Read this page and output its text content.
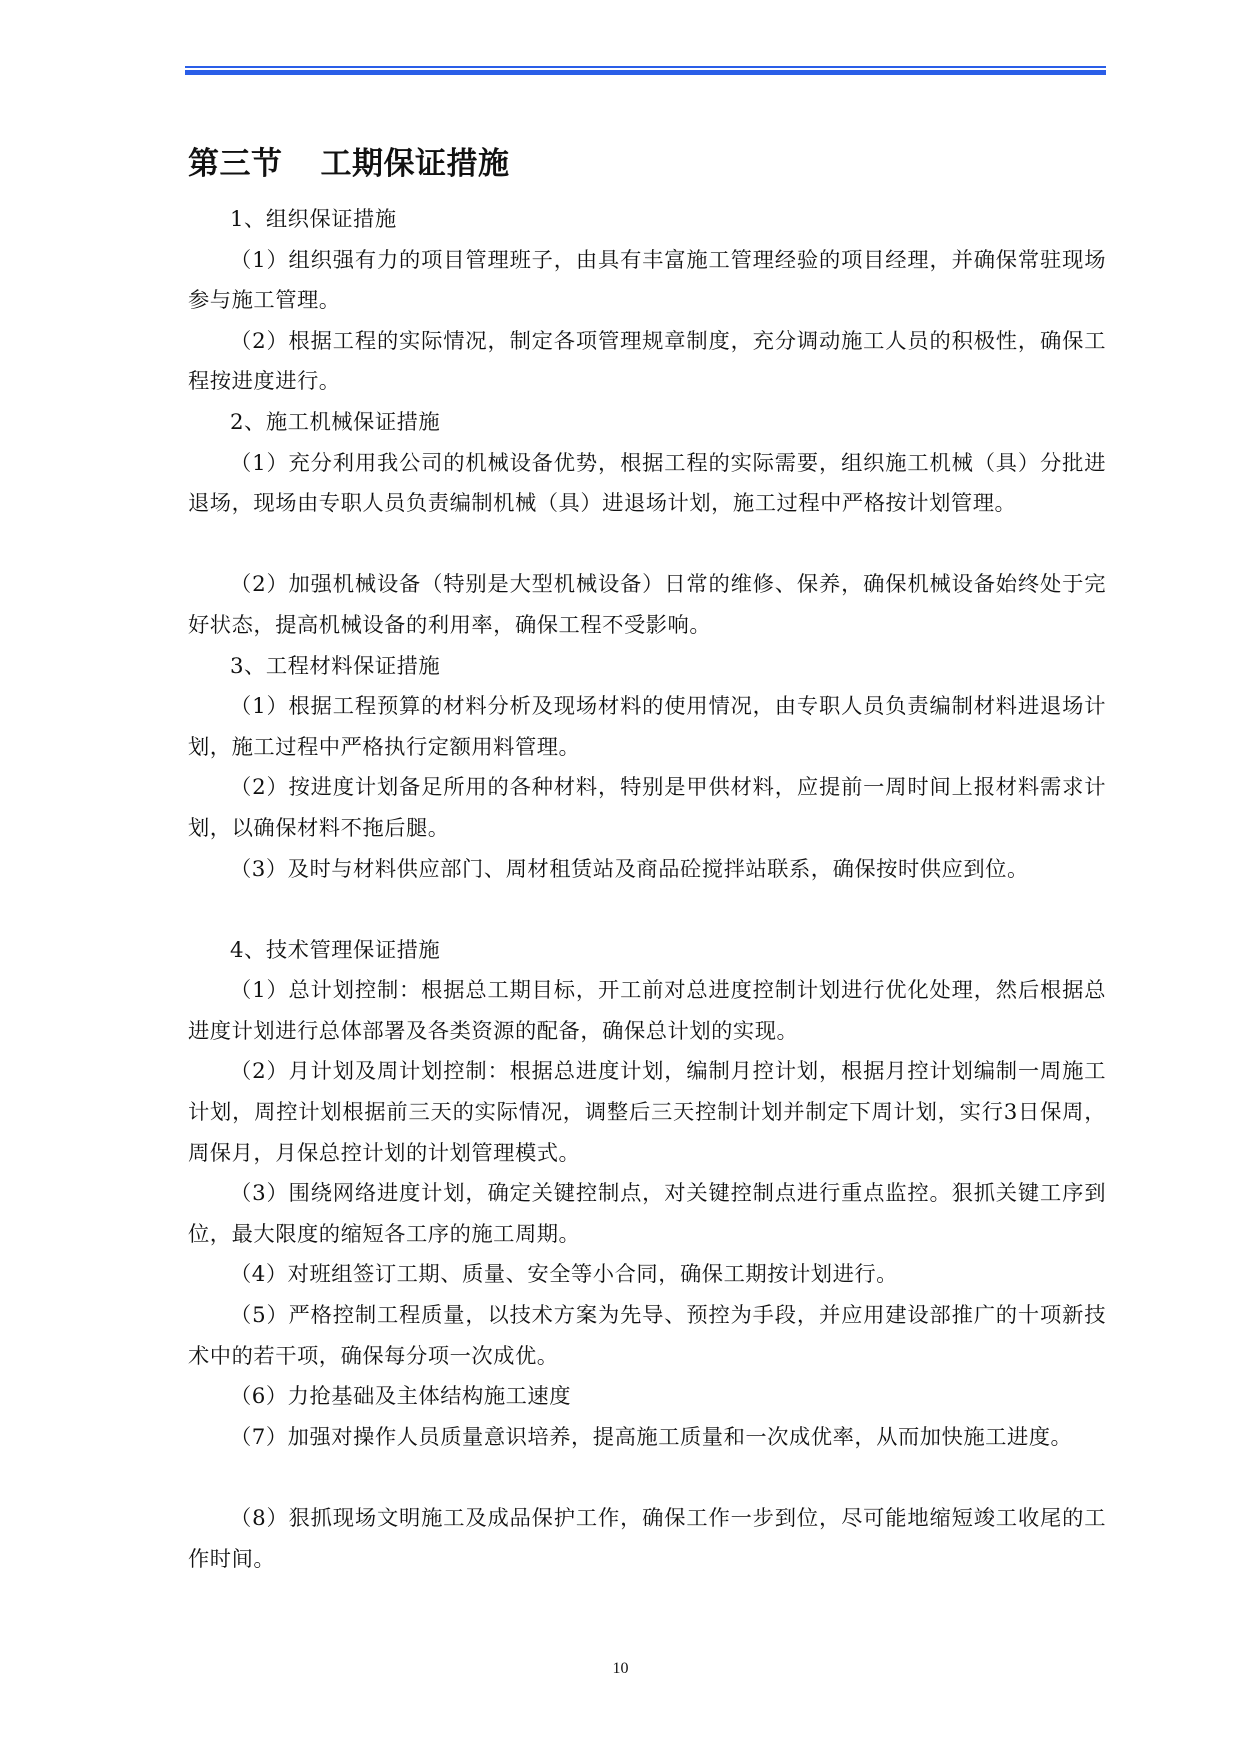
第三节 工期保证措施

1、组织保证措施

（1）组织强有力的项目管理班子，由具有丰富施工管理经验的项目经理，并确保常驻现场参与施工管理。

（2）根据工程的实际情况，制定各项管理规章制度，充分调动施工人员的积极性，确保工程按进度进行。

2、施工机械保证措施

（1）充分利用我公司的机械设备优势，根据工程的实际需要，组织施工机械（具）分批进退场，现场由专职人员负责编制机械（具）进退场计划，施工过程中严格按计划管理。

（2）加强机械设备（特别是大型机械设备）日常的维修、保养，确保机械设备始终处于完好状态，提高机械设备的利用率，确保工程不受影响。

3、工程材料保证措施

（1）根据工程预算的材料分析及现场材料的使用情况，由专职人员负责编制材料进退场计划，施工过程中严格执行定额用料管理。

（2）按进度计划备足所用的各种材料，特别是甲供材料，应提前一周时间上报材料需求计划，以确保材料不拖后腿。

（3）及时与材料供应部门、周材租赁站及商品砼搅拌站联系，确保按时供应到位。

4、技术管理保证措施

（1）总计划控制：根据总工期目标，开工前对总进度控制计划进行优化处理，然后根据总进度计划进行总体部署及各类资源的配备，确保总计划的实现。

（2）月计划及周计划控制：根据总进度计划，编制月控计划，根据月控计划编制一周施工计划，周控计划根据前三天的实际情况，调整后三天控制计划并制定下周计划，实行3日保周，周保月，月保总控计划的计划管理模式。

（3）围绕网络进度计划，确定关键控制点，对关键控制点进行重点监控。狠抓关键工序到位，最大限度的缩短各工序的施工周期。

（4）对班组签订工期、质量、安全等小合同，确保工期按计划进行。

（5）严格控制工程质量，以技术方案为先导、预控为手段，并应用建设部推广的十项新技术中的若干项，确保每分项一次成优。

（6）力抢基础及主体结构施工速度

（7）加强对操作人员质量意识培养，提高施工质量和一次成优率，从而加快施工进度。

（8）狠抓现场文明施工及成品保护工作，确保工作一步到位，尽可能地缩短竣工收尾的工作时间。

10
